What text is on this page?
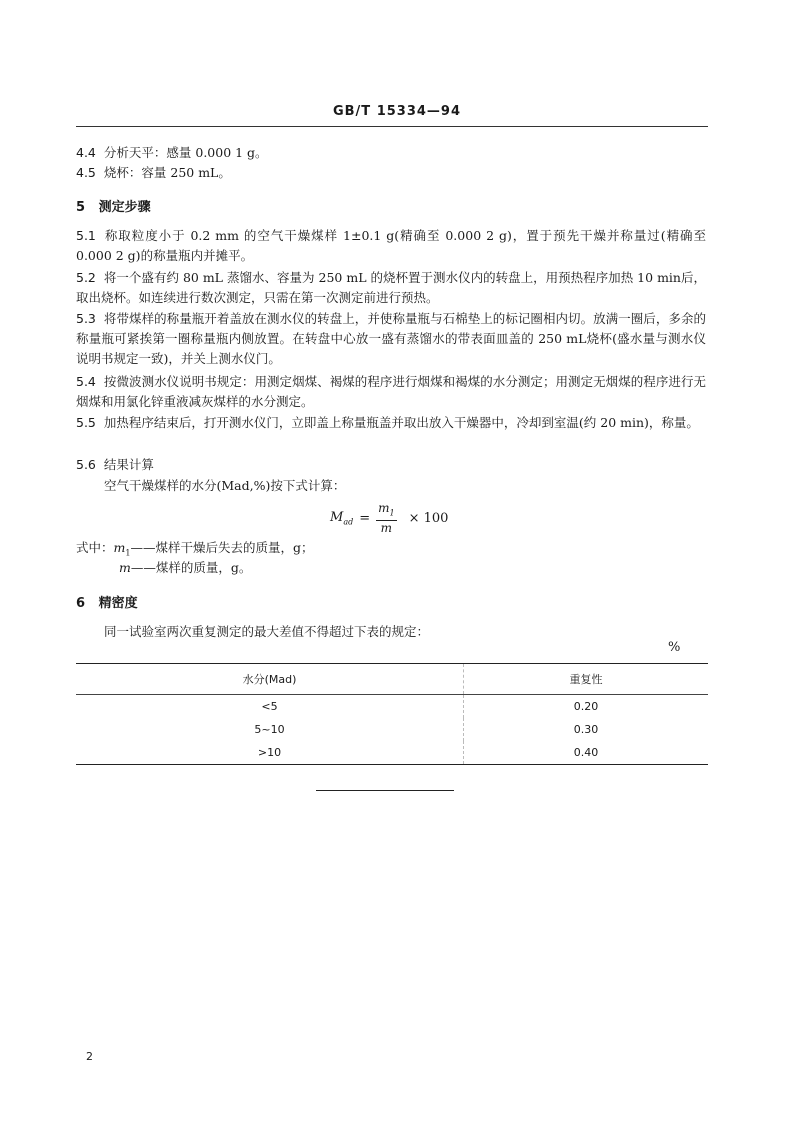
GB/T 15334—94
4.4 分析天平：感量 0.000 1 g。
4.5 烧杯：容量 250 mL。
5 测定步骤
5.1 称取粒度小于 0.2 mm 的空气干燥煤样 1±0.1 g(精确至 0.000 2 g)，置于预先干燥并称量过(精确至 0.000 2 g)的称量瓶内并摊平。
5.2 将一个盛有约 80 mL 蒸馏水、容量为 250 mL 的烧杯置于测水仪内的转盘上，用预热程序加热 10 min后，取出烧杯。如连续进行数次测定，只需在第一次测定前进行预热。
5.3 将带煤样的称量瓶开着盖放在测水仪的转盘上，并使称量瓶与石棉垫上的标记圈相内切。放满一圈后，多余的称量瓶可紧挨第一圈称量瓶内侧放置。在转盘中心放一盛有蒸馏水的带表面皿盖的 250 mL烧杯(盛水量与测水仪说明书规定一致)，并关上测水仪门。
5.4 按微波测水仪说明书规定：用测定烟煤、褐煤的程序进行烟煤和褐煤的水分测定；用测定无烟煤的程序进行无烟煤和用氯化锌重液减灰煤样的水分测定。
5.5 加热程序结束后，打开测水仪门，立即盖上称量瓶盖并取出放入干燥器中，冷却到室温(约 20 min)，称量。
5.6 结果计算
空气干燥煤样的水分(Mad,%)按下式计算：
$M_{ad} = \frac{m_1}{m} \times 100$
式中：$m_1——$煤样干燥后失去的质量，g；
m——煤样的质量，g。
6 精密度
同一试验室两次重复测定的最大差值不得超过下表的规定：
%
水分(Mad)	重复性
<5	0.20
5~10	0.30
>10	0.40
2
